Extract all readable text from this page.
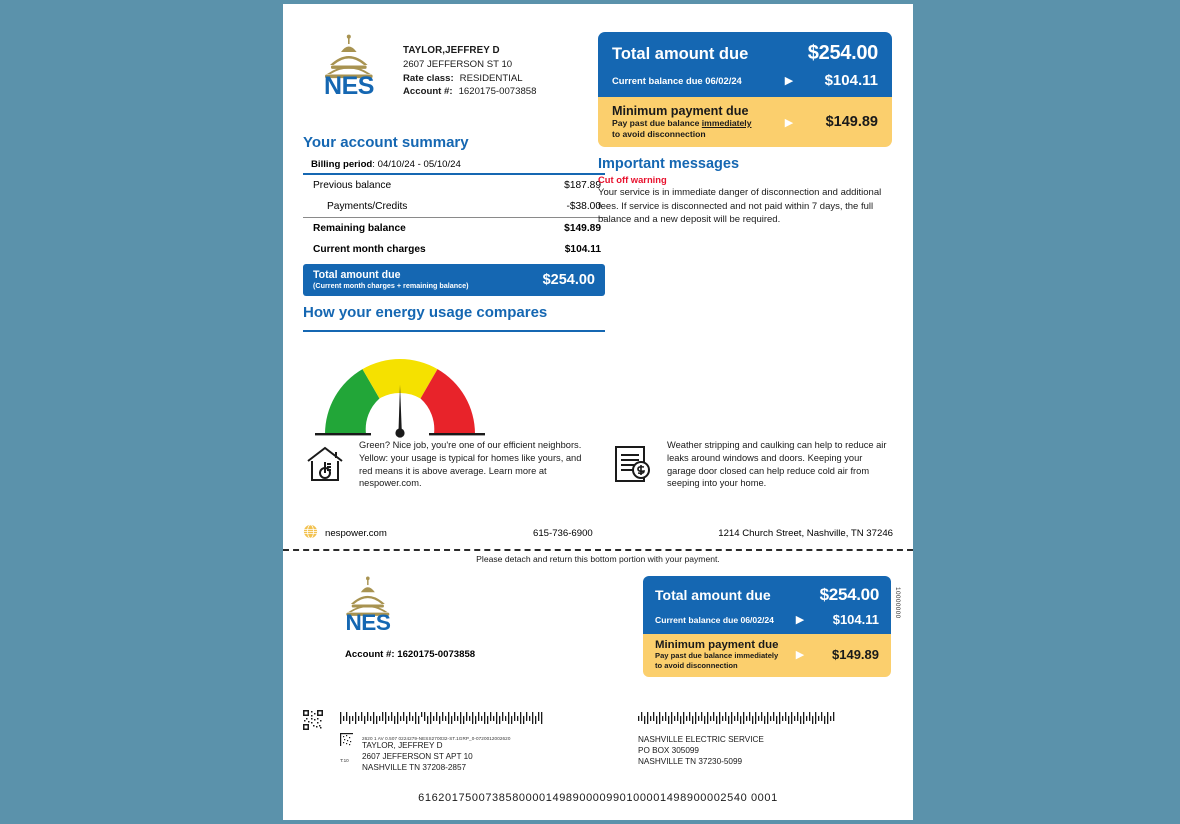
NES
TAYLOR,JEFFREY D
2607 JEFFERSON ST 10
Rate class: RESIDENTIAL
Account #: 1620175-0073858
Total amount due	$254.00
Current balance due 06/02/24	▶	$104.11
Minimum payment due
Pay past due balance immediately
to avoid disconnection
▶	$149.89
Your account summary
Billing period: 04/10/24 - 05/10/24
Previous balance	$187.89
Payments/Credits	-$38.00
Remaining balance	$149.89
Current month charges	$104.11
Total amount due
(Current month charges + remaining balance)	$254.00
Important messages
Cut off warning

Your service is in immediate danger of disconnection and additional fees. If service is disconnected and not paid within 7 days, the full balance and a new deposit will be required.

How your energy usage compares

Green? Nice job, you're one of our efficient neighbors. Yellow: your usage is typical for homes like yours, and red means it is above average. Learn more at nespower.com.

Weather stripping and caulking can help to reduce air leaks around windows and doors. Keeping your garage door closed can help reduce cold air from seeping into your home.

nespower.com	615-736-6900	1214 Church Street, Nashville, TN 37246
Please detach and return this bottom portion with your payment.
NES
Account #: 1620175-0073858
Total amount due	$254.00
Current balance due 06/02/24	▶	$104.11
Minimum payment due
Pay past due balance immediately
to avoid disconnection
▶	$149.89
10000000
2620 1 AV 0.507 0224279-NESS270032-ST.1GRP_0-0720012002620
TAYLOR, JEFFREY D
2607 JEFFERSON ST APT 10
NASHVILLE TN 37208-2857
T:10
NASHVILLE ELECTRIC SERVICE
PO BOX 305099
NASHVILLE TN 37230-5099
6162017500738580000149890000990100001498900002540 0001
